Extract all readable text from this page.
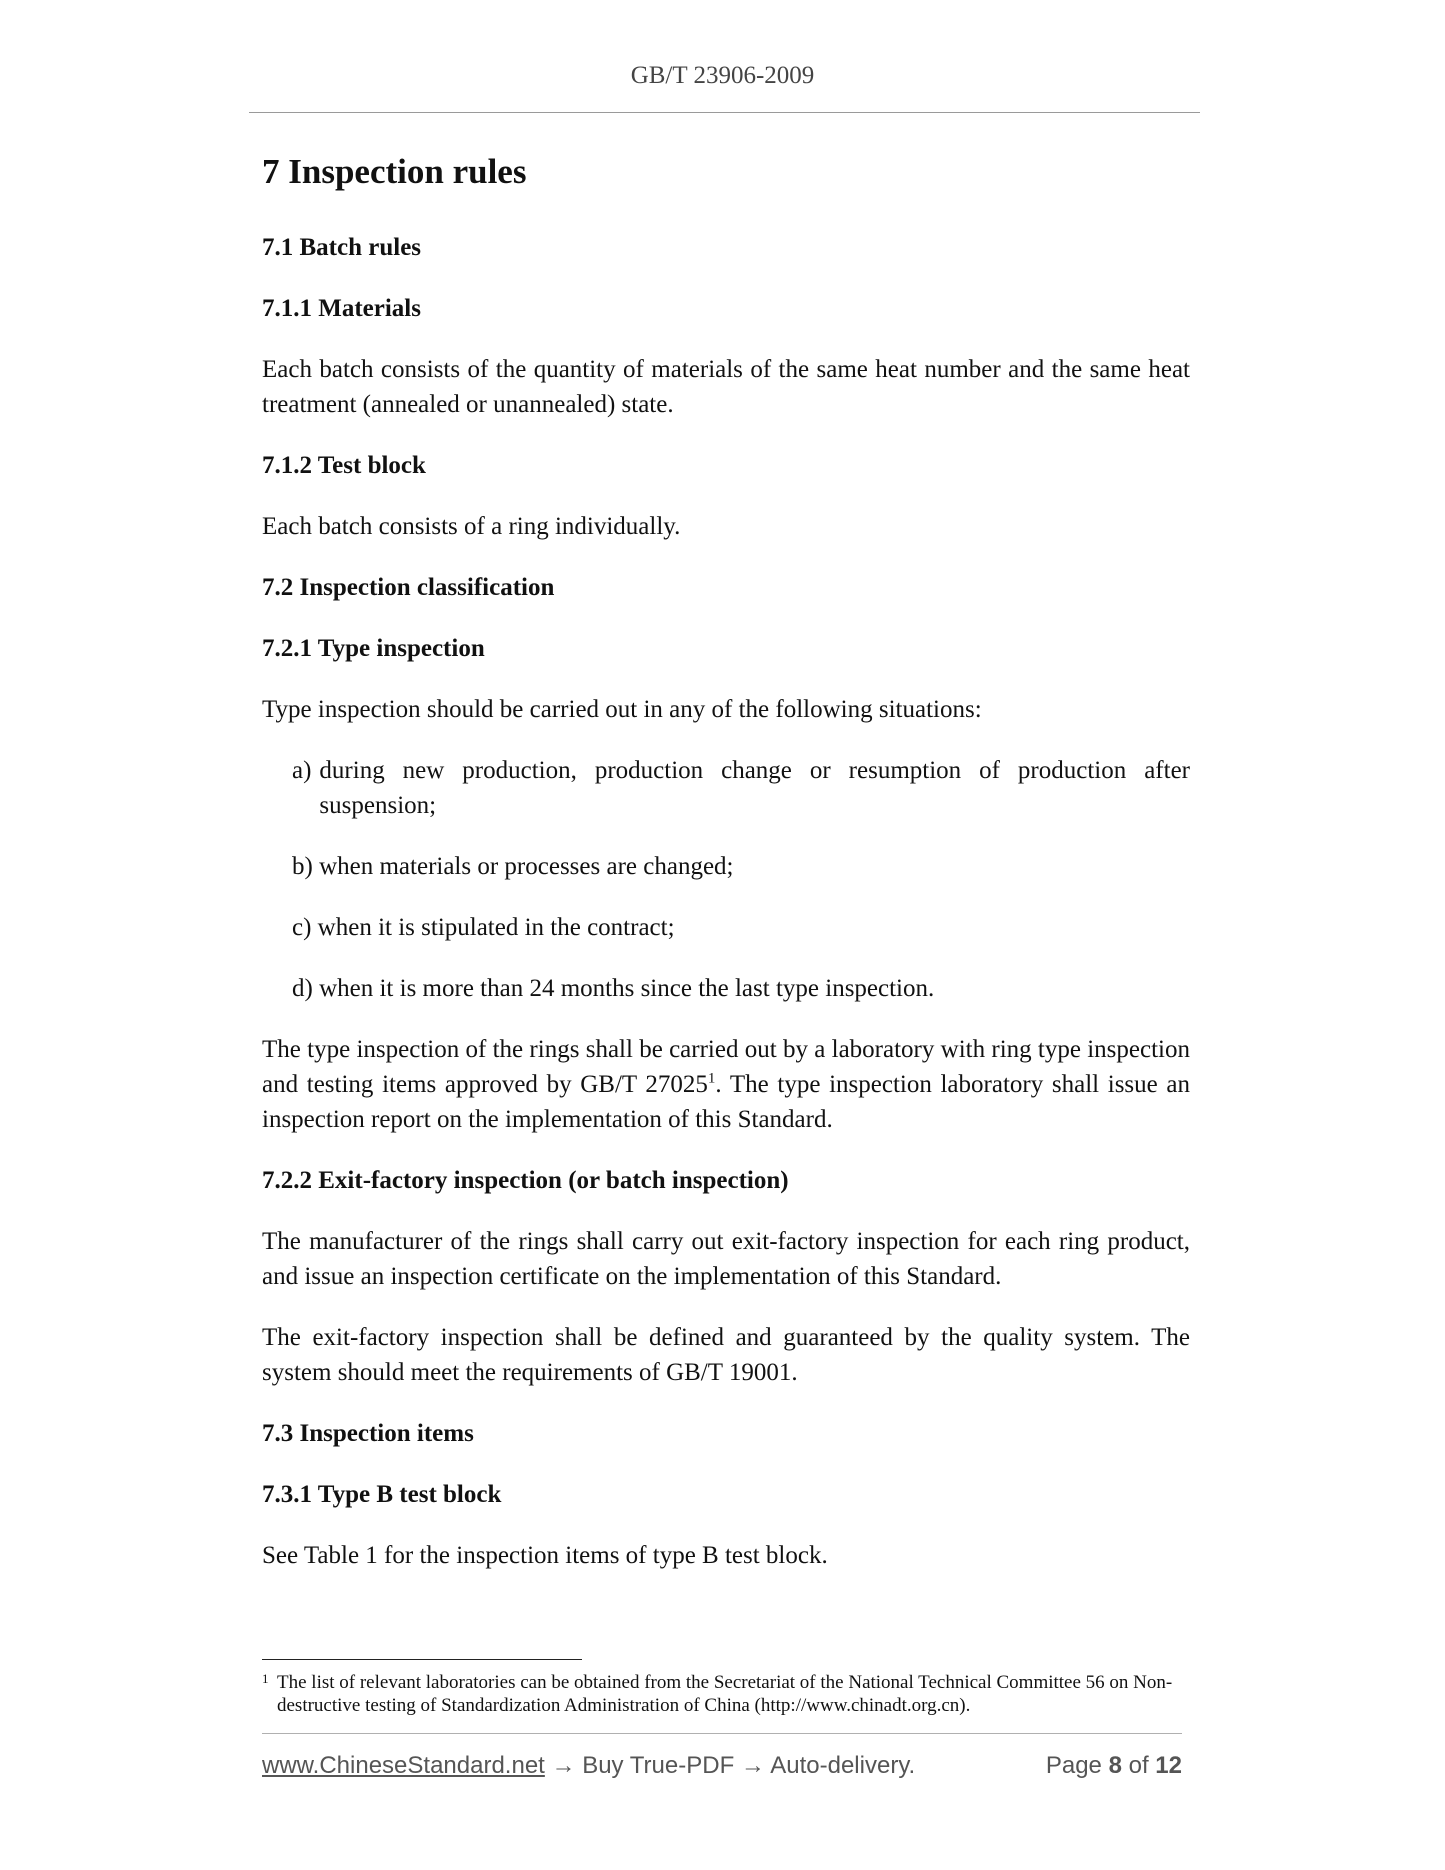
GB/T 23906-2009
7 Inspection rules
7.1 Batch rules
7.1.1 Materials

Each batch consists of the quantity of materials of the same heat number and the same heat treatment (annealed or unannealed) state.

7.1.2 Test block

Each batch consists of a ring individually.

7.2 Inspection classification
7.2.1 Type inspection

Type inspection should be carried out in any of the following situations:

a) during new production, production change or resumption of production after suspension;
b) when materials or processes are changed;
c) when it is stipulated in the contract;
d) when it is more than 24 months since the last type inspection.

The type inspection of the rings shall be carried out by a laboratory with ring type inspection and testing items approved by GB/T 27025$^1$. The type inspection laboratory shall issue an inspection report on the implementation of this Standard.

7.2.2 Exit-factory inspection (or batch inspection)

The manufacturer of the rings shall carry out exit-factory inspection for each ring product, and issue an inspection certificate on the implementation of this Standard.

The exit-factory inspection shall be defined and guaranteed by the quality system. The system should meet the requirements of GB/T 19001.

7.3 Inspection items
7.3.1 Type B test block

See Table 1 for the inspection items of type B test block.

1 The list of relevant laboratories can be obtained from the Secretariat of the National Technical Committee 56 on Non-destructive testing of Standardization Administration of China (http://www.chinadt.org.cn).
www.ChineseStandard.net → Buy True-PDF → Auto-delivery.	Page 8 of 12
